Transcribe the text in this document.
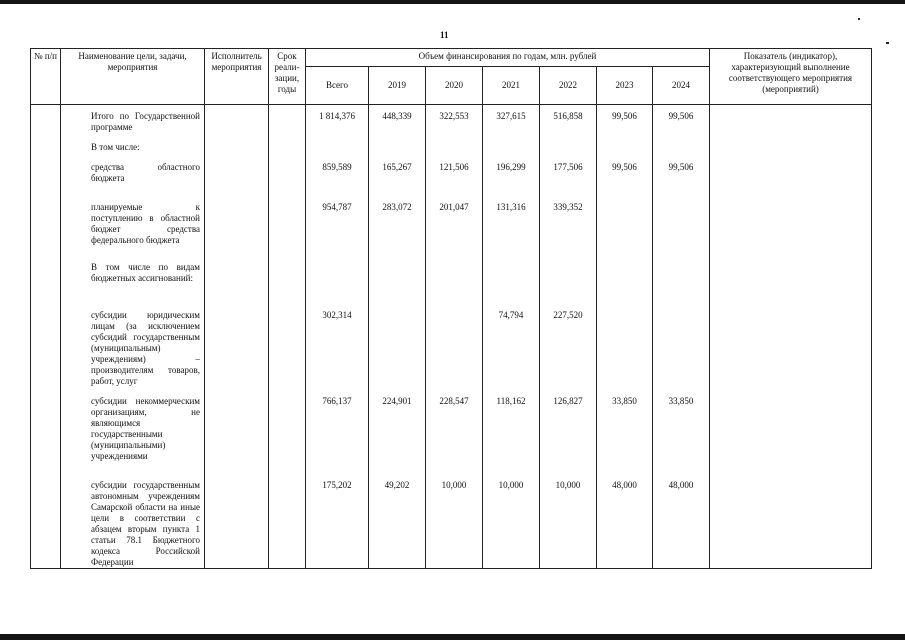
11
№ п/п	Наименование цели, задачи, мероприятия	Исполнитель мероприятия	Срок реали-зации, годы	Объем финансирования по годам, млн. рублей							Показатель (индикатор), характеризующий выполнение соответствующего мероприятия (мероприятий)
				Всего	2019	2020	2021	2022	2023	2024	
	Итого по Государственной программе			1 814,376	448,339	322,553	327,615	516,858	99,506	99,506	
	В том числе:										
	средства областного бюджета			859,589	165,267	121,506	196,299	177,506	99,506	99,506	
	планируемые к поступлению в областной бюджет средства федерального бюджета			954,787	283,072	201,047	131,316	339,352			
	В том числе по видам бюджетных ассигнований:										
	субсидии юридическим лицам (за исключением субсидий государственным (муниципальным) учреждениям) – производителям товаров, работ, услуг			302,314			74,794	227,520			
	субсидии некоммерческим организациям, не являющимся государственными (муниципальными) учреждениями			766,137	224,901	228,547	118,162	126,827	33,850	33,850	
	субсидии государственным автономным учреждениям Самарской области на иные цели в соответствии с абзацем вторым пункта 1 статьи 78.1 Бюджетного кодекса Российской Федерации			175,202	49,202	10,000	10,000	10,000	48,000	48,000	
